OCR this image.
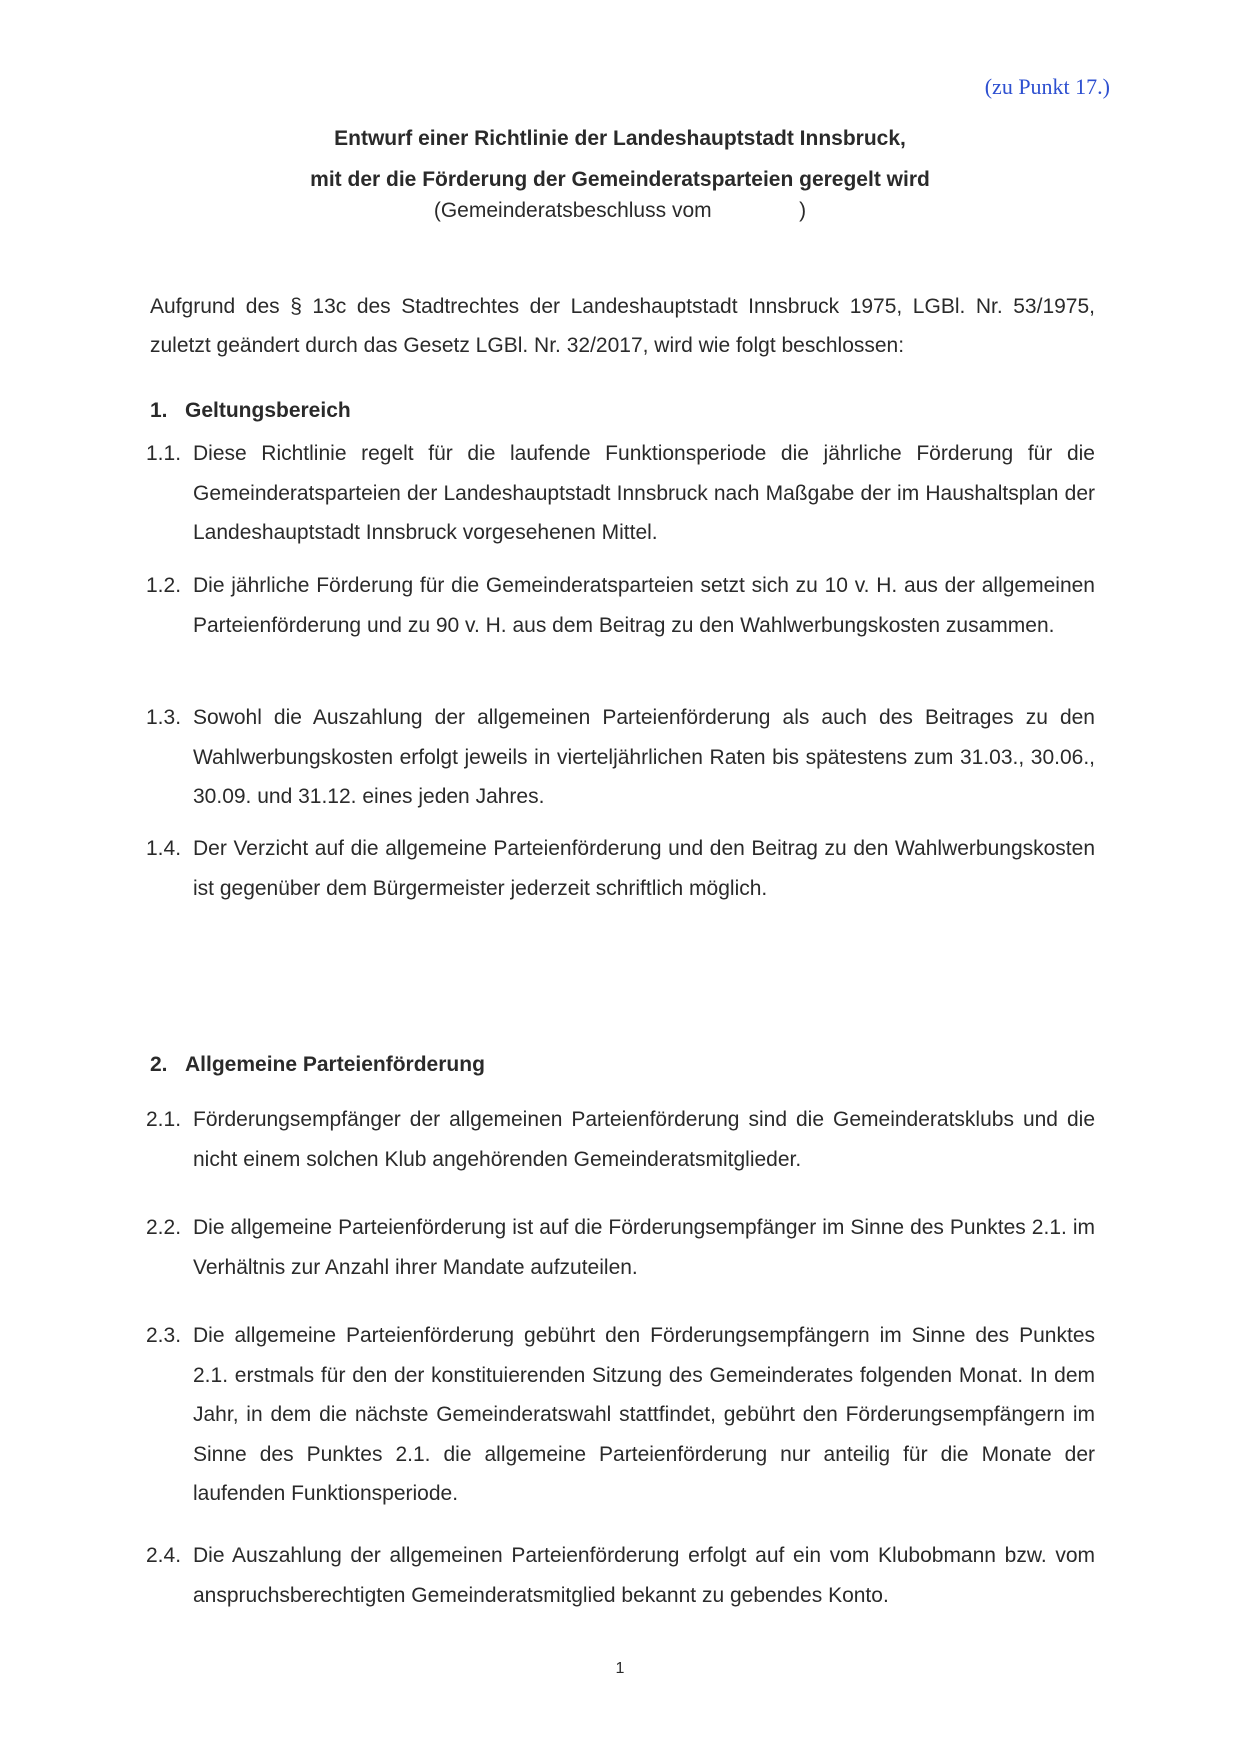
(zu Punkt 17.)
Entwurf einer Richtlinie der Landeshauptstadt Innsbruck,
mit der die Förderung der Gemeinderatsparteien geregelt wird
(Gemeinderatsbeschluss vom               )
Aufgrund des § 13c des Stadtrechtes der Landeshauptstadt Innsbruck 1975, LGBl. Nr. 53/1975, zuletzt geändert durch das Gesetz LGBl. Nr. 32/2017, wird wie folgt beschlossen:
1. Geltungsbereich
1.1. Diese Richtlinie regelt für die laufende Funktionsperiode die jährliche Förderung für die Gemeinderatsparteien der Landeshauptstadt Innsbruck nach Maßgabe der im Haushaltsplan der Landeshauptstadt Innsbruck vorgesehenen Mittel.
1.2. Die jährliche Förderung für die Gemeinderatsparteien setzt sich zu 10 v. H. aus der allgemeinen Parteienförderung und zu 90 v. H. aus dem Beitrag zu den Wahlwerbungskosten zusammen.
1.3. Sowohl die Auszahlung der allgemeinen Parteienförderung als auch des Beitrages zu den Wahlwerbungskosten erfolgt jeweils in vierteljährlichen Raten bis spätestens zum 31.03., 30.06., 30.09. und 31.12. eines jeden Jahres.
1.4. Der Verzicht auf die allgemeine Parteienförderung und den Beitrag zu den Wahlwerbungskosten ist gegenüber dem Bürgermeister jederzeit schriftlich möglich.
2. Allgemeine Parteienförderung
2.1. Förderungsempfänger der allgemeinen Parteienförderung sind die Gemeinderatsklubs und die nicht einem solchen Klub angehörenden Gemeinderatsmitglieder.
2.2. Die allgemeine Parteienförderung ist auf die Förderungsempfänger im Sinne des Punktes 2.1. im Verhältnis zur Anzahl ihrer Mandate aufzuteilen.
2.3. Die allgemeine Parteienförderung gebührt den Förderungsempfängern im Sinne des Punktes 2.1. erstmals für den der konstituierenden Sitzung des Gemeinderates folgenden Monat. In dem Jahr, in dem die nächste Gemeinderatswahl stattfindet, gebührt den Förderungsempfängern im Sinne des Punktes 2.1. die allgemeine Parteienförderung nur anteilig für die Monate der laufenden Funktionsperiode.
2.4. Die Auszahlung der allgemeinen Parteienförderung erfolgt auf ein vom Klubobmann bzw. vom anspruchsberechtigten Gemeinderatsmitglied bekannt zu gebendes Konto.
1
